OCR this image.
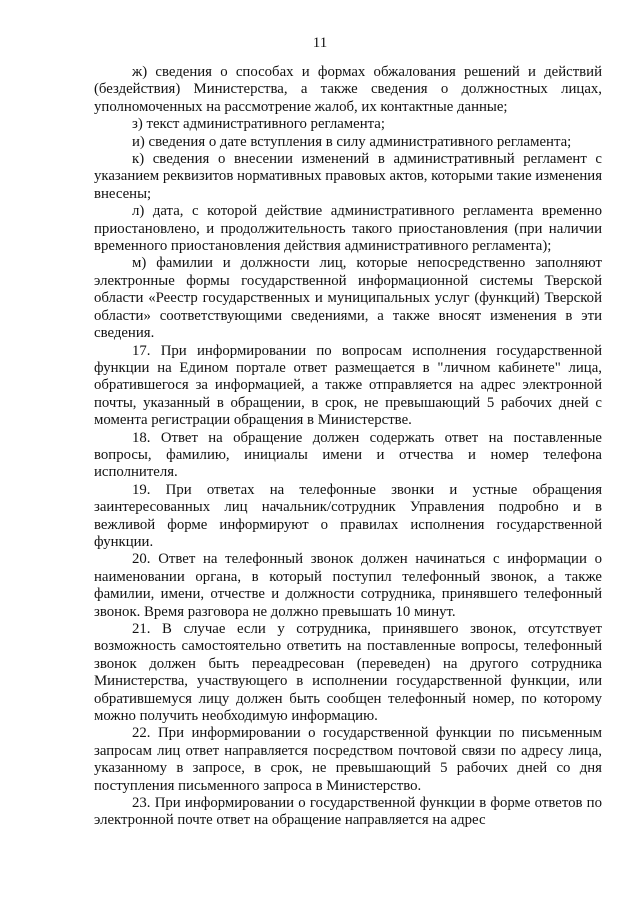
11

ж) сведения о способах и формах обжалования решений и действий (бездействия) Министерства, а также сведения о должностных лицах, уполномоченных на рассмотрение жалоб, их контактные данные;

з) текст административного регламента;

и) сведения о дате вступления в силу административного регламента;

к) сведения о внесении изменений в административный регламент с указанием реквизитов нормативных правовых актов, которыми такие изменения внесены;

л) дата, с которой действие административного регламента временно приостановлено, и продолжительность такого приостановления (при наличии временного приостановления действия административного регламента);

м) фамилии и должности лиц, которые непосредственно заполняют электронные формы государственной информационной системы Тверской области «Реестр государственных и муниципальных услуг (функций) Тверской области» соответствующими сведениями, а также вносят изменения в эти сведения.

17. При информировании по вопросам исполнения государственной функции на Едином портале ответ размещается в "личном кабинете" лица, обратившегося за информацией, а также отправляется на адрес электронной почты, указанный в обращении, в срок, не превышающий 5 рабочих дней с момента регистрации обращения в Министерстве.

18. Ответ на обращение должен содержать ответ на поставленные вопросы, фамилию, инициалы имени и отчества и номер телефона исполнителя.

19. При ответах на телефонные звонки и устные обращения заинтересованных лиц начальник/сотрудник Управления подробно и в вежливой форме информируют о правилах исполнения государственной функции.

20. Ответ на телефонный звонок должен начинаться с информации о наименовании органа, в который поступил телефонный звонок, а также фамилии, имени, отчестве и должности сотрудника, принявшего телефонный звонок. Время разговора не должно превышать 10 минут.

21. В случае если у сотрудника, принявшего звонок, отсутствует возможность самостоятельно ответить на поставленные вопросы, телефонный звонок должен быть переадресован (переведен) на другого сотрудника Министерства, участвующего в исполнении государственной функции, или обратившемуся лицу должен быть сообщен телефонный номер, по которому можно получить необходимую информацию.

22. При информировании о государственной функции по письменным запросам лиц ответ направляется посредством почтовой связи по адресу лица, указанному в запросе, в срок, не превышающий 5 рабочих дней со дня поступления письменного запроса в Министерство.

23. При информировании о государственной функции в форме ответов по электронной почте ответ на обращение направляется на адрес
